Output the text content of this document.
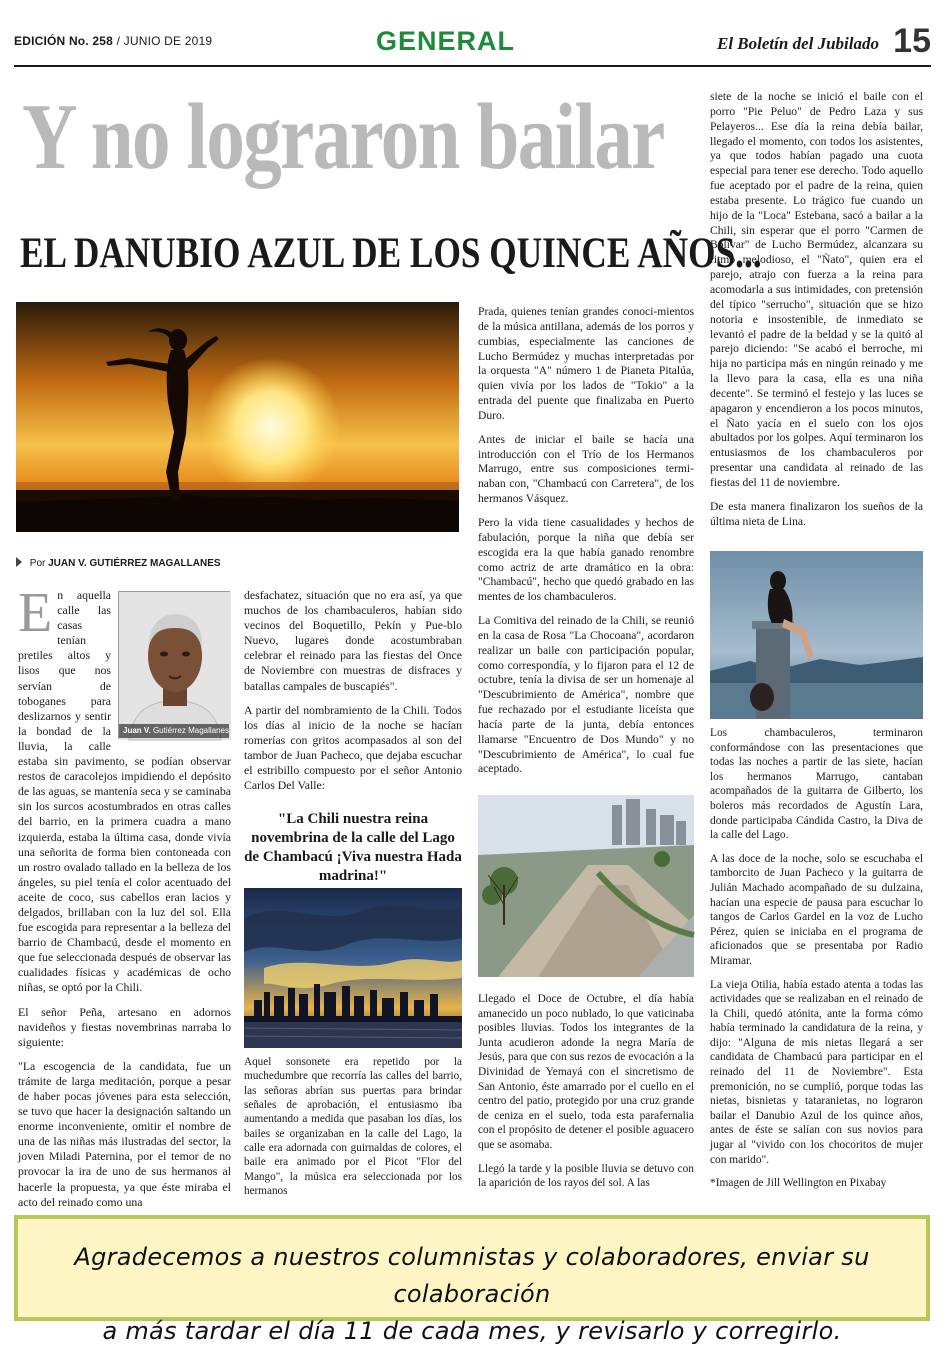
EDICIÓN No. 258 / JUNIO DE 2019	GENERAL	El Boletín del Jubilado 15
Y no lograron bailar
EL DANUBIO AZUL DE LOS QUINCE AÑOS...
Por JUAN V. GUTIÉRREZ MAGALLANES
Juan V. Gutiérrez Magallanes

En aquella calle las casas tenían pretiles altos y lisos que nos servían de toboganes para deslizarnos y sentir la bondad de la lluvia, la calle estaba sin pavimento, se podían observar restos de caracolejos impidiendo el depósito de las aguas, se mantenía seca y se caminaba sin los surcos acostumbrados en otras calles del barrio, en la primera cuadra a mano izquierda, estaba la última casa, donde vivía una señorita de forma bien contoneada con un rostro ovalado tallado en la belleza de los ángeles, su piel tenía el color acentuado del aceite de coco, sus cabellos eran lacios y delgados, brillaban con la luz del sol. Ella fue escogida para representar a la belleza del barrio de Chambacú, desde el momento en que fue seleccionada después de observar las cualidades físicas y académicas de ocho niñas, se optó por la Chili.

El señor Peña, artesano en adornos navideños y fiestas novembrinas narraba lo siguiente:

"La escogencia de la candidata, fue un trámite de larga meditación, porque a pesar de haber pocas jóvenes para esta selección, se tuvo que hacer la designación saltando un enorme inconveniente, omitir el nombre de una de las niñas más ilustradas del sector, la joven Miladi Paternina, por el temor de no provocar la ira de uno de sus hermanos al hacerle la propuesta, ya que éste miraba el acto del reinado como una

desfachatez, situación que no era así, ya que muchos de los chambaculeros, habían sido vecinos del Boquetillo, Pekín y Pue-blo Nuevo, lugares donde acostumbraban celebrar el reinado para las fiestas del Once de Noviembre con muestras de disfraces y batallas campales de buscapiés".

A partir del nombramiento de la Chili. Todos los días al inicio de la noche se hacían romerías con gritos acompasados al son del tambor de Juan Pacheco, que dejaba escuchar el estribillo compuesto por el señor Antonio Carlos Del Valle:

"La Chili nuestra reina novembrina de la calle del Lago de Chambacú ¡Viva nuestra Hada madrina!"

Aquel sonsonete era repetido por la muchedumbre que recorría las calles del barrio, las señoras abrían sus puertas para brindar señales de aprobación, el entusiasmo iba aumentando a medida que pasaban los días, los bailes se organizaban en la calle del Lago, la calle era adornada con guirnaldas de colores, el baile era animado por el Picot "Flor del Mango", la música era seleccionada por los hermanos

Prada, quienes tenían grandes conoci-mientos de la música antillana, además de los porros y cumbias, especialmente las canciones de Lucho Bermúdez y muchas interpretadas por la orquesta "A" número 1 de Pianeta Pitalúa, quien vivía por los lados de "Tokio" a la entrada del puente que finalizaba en Puerto Duro.

Antes de iniciar el baile se hacía una introducción con el Trío de los Hermanos Marrugo, entre sus composiciones termi-naban con, "Chambacú con Carretera", de los hermanos Vásquez.

Pero la vida tiene casualidades y hechos de fabulación, porque la niña que debía ser escogida era la que había ganado renombre como actriz de arte dramático en la obra: "Chambacú", hecho que quedó grabado en las mentes de los chambaculeros.

La Comitiva del reinado de la Chili, se reunió en la casa de Rosa "La Chocoana", acordaron realizar un baile con participación popular, como correspondía, y lo fijaron para el 12 de octubre, tenía la divisa de ser un homenaje al "Descubrimiento de América", nombre que fue rechazado por el estudiante liceísta que hacía parte de la junta, debía entonces llamarse "Encuentro de Dos Mundo" y no "Descubrimiento de América", lo cual fue aceptado.

Llegado el Doce de Octubre, el día había amanecido un poco nublado, lo que vaticinaba posibles lluvias. Todos los integrantes de la Junta acudieron adonde la negra María de Jesús, para que con sus rezos de evocación a la Divinidad de Yemayá con el sincretismo de San Antonio, éste amarrado por el cuello en el centro del patio, protegido por una cruz grande de ceniza en el suelo, toda esta parafernalia con el propósito de detener el posible aguacero que se asomaba.

Llegó la tarde y la posible lluvia se detuvo con la aparición de los rayos del sol. A las

siete de la noche se inició el baile con el porro "Pie Peluo" de Pedro Laza y sus Pelayeros... Ese día la reina debía bailar, llegado el momento, con todos los asistentes, ya que todos habían pagado una cuota especial para tener ese derecho. Todo aquello fue aceptado por el padre de la reina, quien estaba presente. Lo trágico fue cuando un hijo de la "Loca" Estebana, sacó a bailar a la Chili, sin esperar que el porro "Carmen de Bolívar" de Lucho Bermúdez, alcanzara su ritmo melodioso, el "Ñato", quien era el parejo, atrajo con fuerza a la reina para acomodarla a sus intimidades, con pretensión del típico "serrucho", situación que se hizo notoria e insostenible, de inmediato se levantó el padre de la beldad y se la quitó al parejo diciendo: "Se acabó el berroche, mi hija no participa más en ningún reinado y me la llevo para la casa, ella es una niña decente". Se terminó el festejo y las luces se apagaron y encendieron a los pocos minutos, el Ñato yacía en el suelo con los ojos abultados por los golpes. Aquí terminaron los entusiasmos de los chambaculeros por presentar una candidata al reinado de las fiestas del 11 de noviembre.

De esta manera finalizaron los sueños de la última nieta de Lina.

Los chambaculeros, terminaron conformándose con las presentaciones que todas las noches a partir de las siete, hacían los hermanos Marrugo, cantaban acompañados de la guitarra de Gilberto, los boleros más recordados de Agustín Lara, donde participaba Cándida Castro, la Diva de la calle del Lago.

A las doce de la noche, solo se escuchaba el tamborcito de Juan Pacheco y la guitarra de Julián Machado acompañado de su dulzaina, hacían una especie de pausa para escuchar lo tangos de Carlos Gardel en la voz de Lucho Pérez, quien se iniciaba en el programa de aficionados que se presentaba por Radio Miramar.

La vieja Otilia, había estado atenta a todas las actividades que se realizaban en el reinado de la Chili, quedó atónita, ante la forma cómo había terminado la candidatura de la reina, y dijo: "Alguna de mis nietas llegará a ser candidata de Chambacú para participar en el reinado del 11 de Noviembre". Esta premonición, no se cumplió, porque todas las nietas, bisnietas y tataranietas, no lograron bailar el Danubio Azul de los quince años, antes de éste se salían con sus novios para jugar al "vivido con los chocoritos de mujer con marido".

*Imagen de Jill Wellington en Pixabay

Agradecemos a nuestros columnistas y colaboradores, enviar su colaboración
a más tardar el día 11 de cada mes, y revisarlo y corregirlo.
